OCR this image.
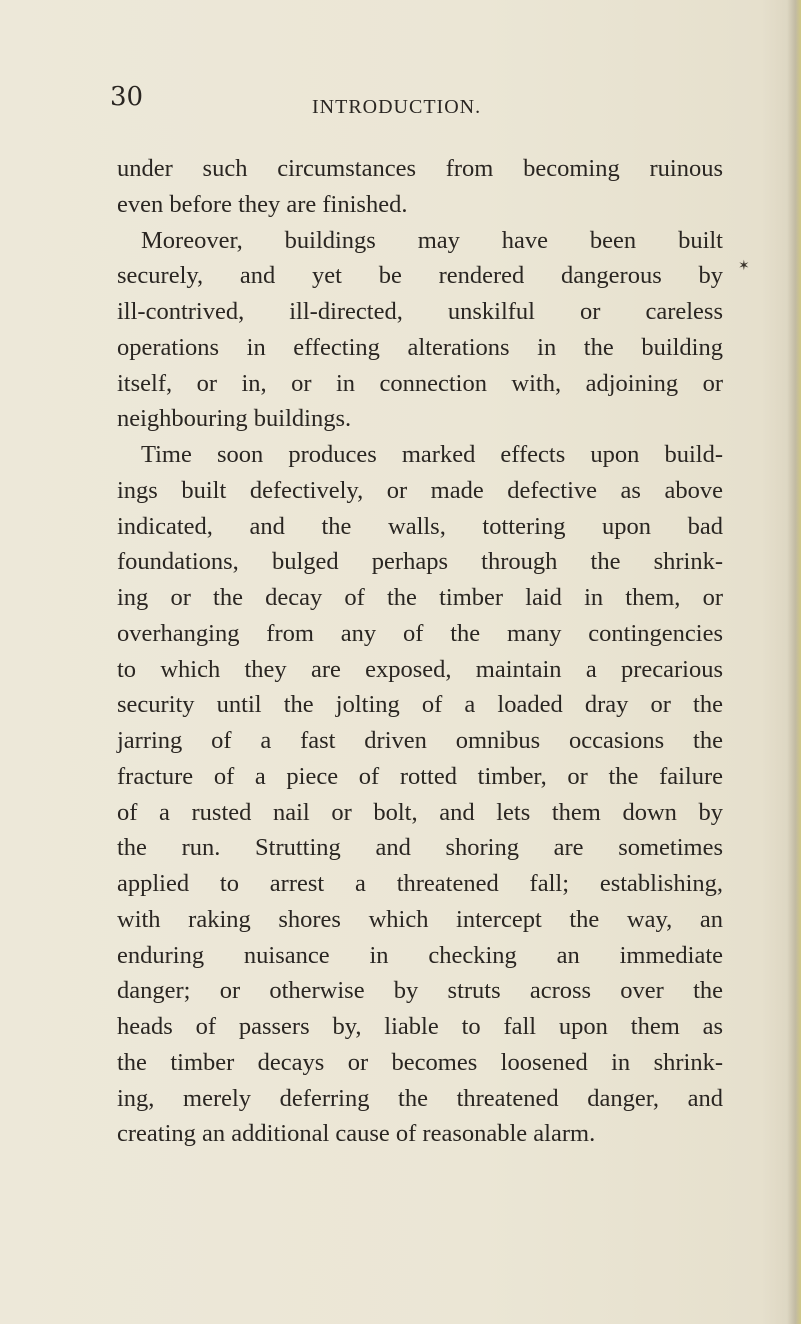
30	INTRODUCTION.
✶
under such circumstances from becoming ruinous
even before they are finished.
Moreover, buildings may have been built
securely, and yet be rendered dangerous by
ill-contrived, ill-directed, unskilful or careless
operations in effecting alterations in the building
itself, or in, or in connection with, adjoining or
neighbouring buildings.
Time soon produces marked effects upon build-
ings built defectively, or made defective as above
indicated, and the walls, tottering upon bad
foundations, bulged perhaps through the shrink-
ing or the decay of the timber laid in them, or
overhanging from any of the many contingencies
to which they are exposed, maintain a precarious
security until the jolting of a loaded dray or the
jarring of a fast driven omnibus occasions the
fracture of a piece of rotted timber, or the failure
of a rusted nail or bolt, and lets them down by
the run. Strutting and shoring are sometimes
applied to arrest a threatened fall; establishing,
with raking shores which intercept the way, an
enduring nuisance in checking an immediate
danger; or otherwise by struts across over the
heads of passers by, liable to fall upon them as
the timber decays or becomes loosened in shrink-
ing, merely deferring the threatened danger, and
creating an additional cause of reasonable alarm.
